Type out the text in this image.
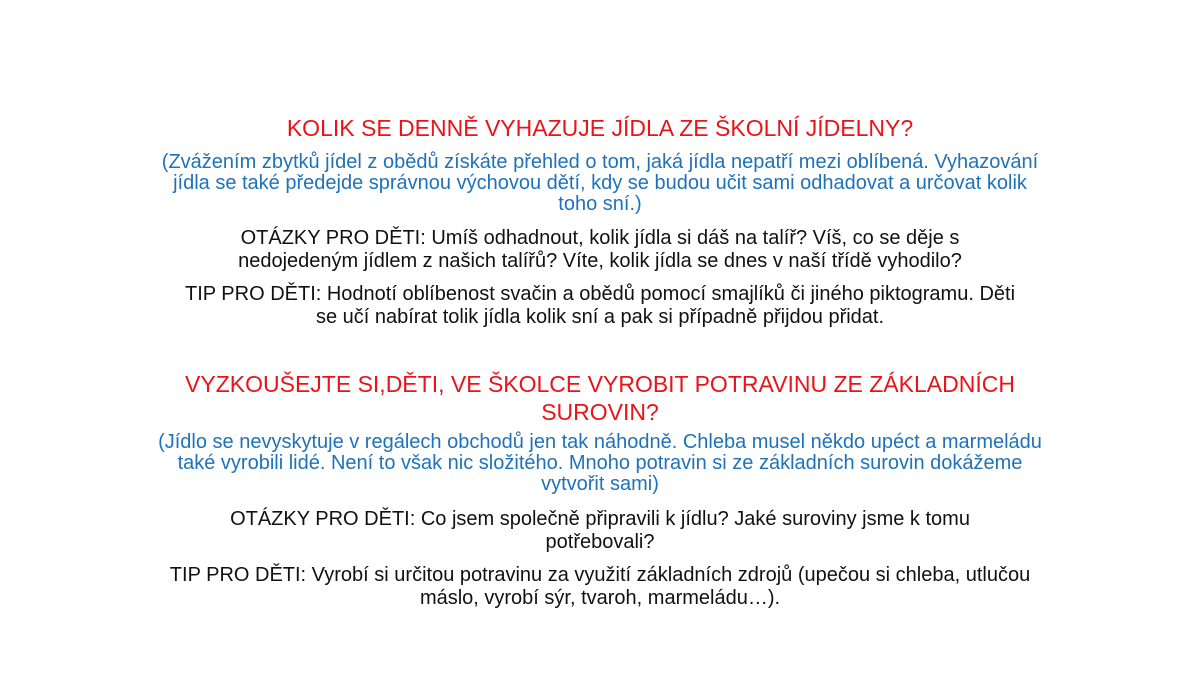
KOLIK SE DENNĚ VYHAZUJE JÍDLA ZE ŠKOLNÍ JÍDELNY?
(Zvážením zbytků jídel z obědů získáte přehled o tom, jaká jídla nepatří mezi oblíbená. Vyhazování jídla se také předejde správnou výchovou dětí, kdy se budou učit sami odhadovat a určovat kolik toho sní.)
OTÁZKY PRO DĚTI: Umíš odhadnout, kolik jídla si dáš na talíř? Víš, co se děje s nedojedeným jídlem z našich talířů? Víte, kolik jídla se dnes v naší třídě vyhodilo?
TIP PRO DĚTI: Hodnotí oblíbenost svačin a obědů pomocí smajlíků či jiného piktogramu. Děti se učí nabírat tolik jídla kolik sní a pak si případně přijdou přidat.
VYZKOUŠEJTE SI,DĚTI, VE ŠKOLCE VYROBIT POTRAVINU ZE ZÁKLADNÍCH SUROVIN?
(Jídlo se nevyskytuje v regálech obchodů jen tak náhodně. Chleba musel někdo upéct a marmeládu také vyrobili lidé. Není to však nic složitého. Mnoho potravin si ze základních surovin dokážeme vytvořit sami)
OTÁZKY PRO DĚTI: Co jsem společně připravili k jídlu? Jaké suroviny jsme k tomu potřebovali?
TIP PRO DĚTI: Vyrobí si určitou potravinu za využití základních zdrojů (upečou si chleba, utlučou máslo, vyrobí sýr, tvaroh, marmeládu…).
